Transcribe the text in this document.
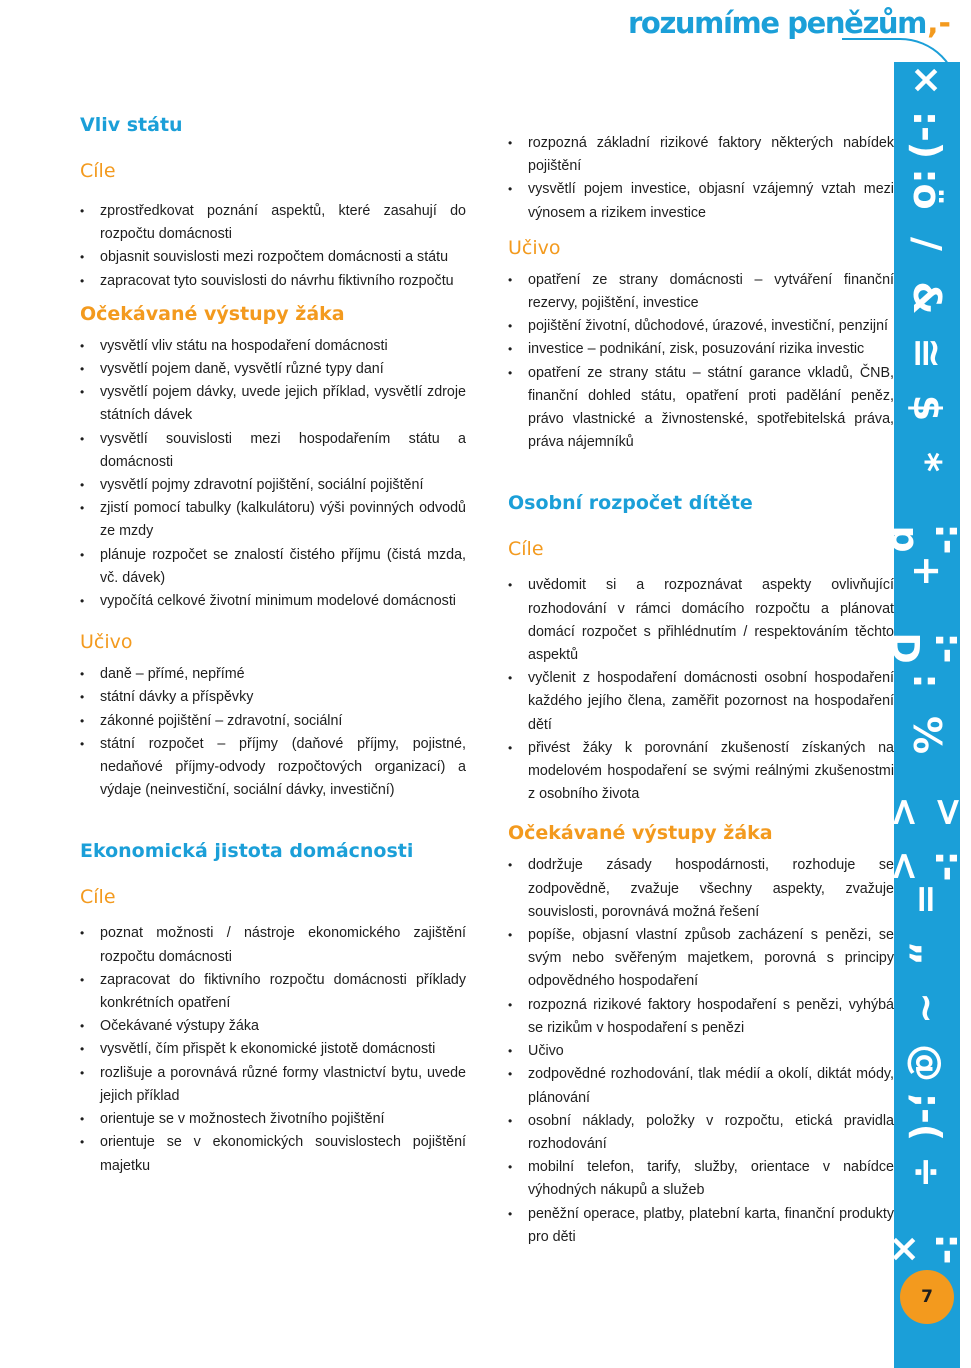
rozumíme penězům ,-
×
:-)
:ö
/
&
≅
$
*
:-p
+
:-D
:
%
><
:-<
=
„
~
@
;-(
÷
:-×
7
Vliv státu
Cíle
• zprostředkovat poznání aspektů, které zasahují do rozpočtu domácnosti
• objasnit souvislosti mezi rozpočtem domácnosti a státu
• zapracovat tyto souvislosti do návrhu fiktivního rozpočtu
Očekávané výstupy žáka
• vysvětlí vliv státu na hospodaření domácnosti
• vysvětlí pojem daně, vysvětlí různé typy daní
• vysvětlí pojem dávky, uvede jejich příklad, vysvětlí zdroje státních dávek
• vysvětlí souvislosti mezi hospodařením státu a domácnosti
• vysvětlí pojmy zdravotní pojištění, sociální pojištění
• zjistí pomocí tabulky (kalkulátoru) výši povinných odvodů ze mzdy
• plánuje rozpočet se znalostí čistého příjmu (čistá mzda, vč. dávek)
• vypočítá celkové životní minimum modelové domácnosti
Učivo
• daně – přímé, nepřímé
• státní dávky a příspěvky
• zákonné pojištění – zdravotní, sociální
• státní rozpočet – příjmy (daňové příjmy, pojistné, nedaňové příjmy-odvody rozpočtových organizací) a výdaje (neinvestiční, sociální dávky, investiční)
Ekonomická jistota domácnosti
Cíle
• poznat možnosti / nástroje ekonomického zajištění rozpočtu domácnosti
• zapracovat do fiktivního rozpočtu domácnosti příklady konkrétních opatření
• Očekávané výstupy žáka
• vysvětlí, čím přispět k ekonomické jistotě domácnosti
• rozlišuje a porovnává různé formy vlastnictví bytu, uvede jejich příklad
• orientuje se v možnostech životního pojištění
• orientuje se v ekonomických souvislostech pojištění majetku
• rozpozná základní rizikové faktory některých nabídek pojištění
• vysvětlí pojem investice, objasní vzájemný vztah mezi výnosem a rizikem investice
Učivo
• opatření ze strany domácnosti – vytváření finanční rezervy, pojištění, investice
• pojištění životní, důchodové, úrazové, investiční, penzijní
• investice – podnikání, zisk, posuzování rizika investic
• opatření ze strany státu – státní garance vkladů, ČNB, finanční dohled státu, opatření proti padělání peněz, právo vlastnické a živnostenské, spotřebitelská práva, práva nájemníků
Osobní rozpočet dítěte
Cíle
• uvědomit si a rozpoznávat aspekty ovlivňující rozhodování v rámci domácího rozpočtu a plánovat domácí rozpočet s přihlédnutím / respektováním těchto aspektů
• vyčlenit z hospodaření domácnosti osobní hospodaření každého jejího člena, zaměřit pozornost na hospodaření dětí
• přivést žáky k porovnání zkušeností získaných na modelovém hospodaření se svými reálnými zkušenostmi z osobního života
Očekávané výstupy žáka
• dodržuje zásady hospodárnosti, rozhoduje se zodpovědně, zvažuje všechny aspekty, zvažuje souvislosti, porovnává možná řešení
• popíše, objasní vlastní způsob zacházení s penězi, se svým nebo svěřeným majetkem, porovná s principy odpovědného hospodaření
• rozpozná rizikové faktory hospodaření s penězi, vyhýbá se rizikům v hospodaření s penězi
• Učivo
• zodpovědné rozhodování, tlak médií a okolí, diktát módy, plánování
• osobní náklady, položky v rozpočtu, etická pravidla rozhodování
• mobilní telefon, tarify, služby, orientace v nabídce výhodných nákupů a služeb
• peněžní operace, platby, platební karta, finanční produkty pro děti
